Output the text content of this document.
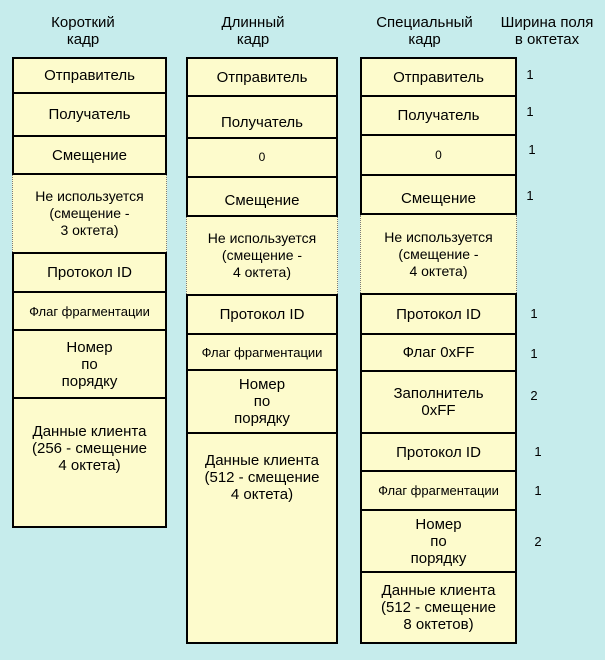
Короткий
кадр
Длинный
кадр
Специальный
кадр
Ширина поля
в октетах
Отправитель
Получатель
Смещение
Не используется
(смещение -
3 октета)
Протокол ID
Флаг фрагментации
Номер
по
порядку
Данные клиента
(256 - смещение
4 октета)
Отправитель
Получатель
0
Смещение
Не используется
(смещение -
4 октета)
Протокол ID
Флаг фрагментации
Номер
по
порядку
Данные клиента
(512 - смещение
4 октета)
Отправитель
Получатель
0
Смещение
Не используется
(смещение -
4 октета)
Протокол ID
Флаг 0xFF
Заполнитель
0xFF
Протокол ID
Флаг фрагментации
Номер
по
порядку
Данные клиента
(512 - смещение
8 октетов)
1
1
1
1
1
1
2
1
1
2
